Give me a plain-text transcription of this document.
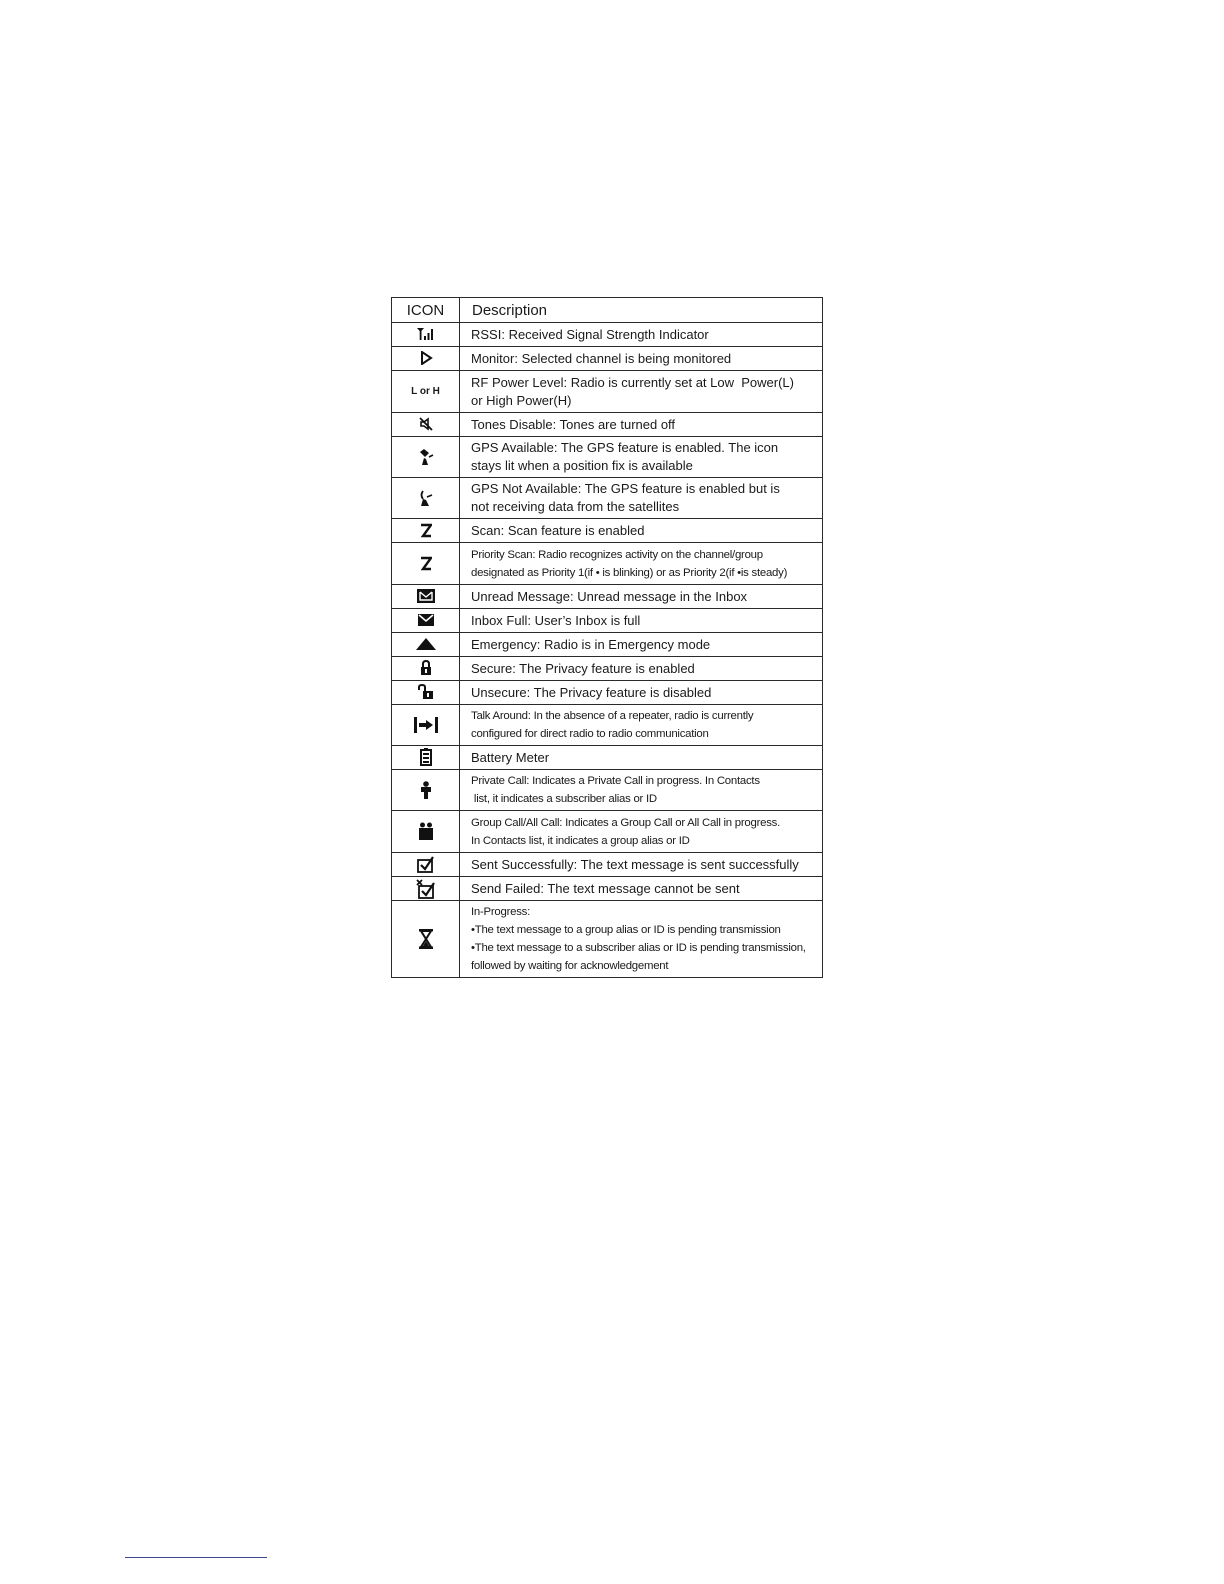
ICON	Description

RSSI: Received Signal Strength Indicator

Monitor: Selected channel is being monitored

L or H	RF Power Level: Radio is currently set at Low  Power(L)
or High Power(H)

Tones Disable: Tones are turned off

GPS Available: The GPS feature is enabled. The icon
stays lit when a position fix is available

GPS Not Available: The GPS feature is enabled but is
not receiving data from the satellites

Scan: Scan feature is enabled

Priority Scan: Radio recognizes activity on the channel/group
designated as Priority 1(if • is blinking) or as Priority 2(if •is steady)

Unread Message: Unread message in the Inbox

Inbox Full: User’s Inbox is full

Emergency: Radio is in Emergency mode

Secure: The Privacy feature is enabled

Unsecure: The Privacy feature is disabled

Talk Around: In the absence of a repeater, radio is currently
configured for direct radio to radio communication

Battery Meter

Private Call: Indicates a Private Call in progress. In Contacts
list, it indicates a subscriber alias or ID

Group Call/All Call: Indicates a Group Call or All Call in progress.
In Contacts list, it indicates a group alias or ID

Sent Successfully: The text message is sent successfully

Send Failed: The text message cannot be sent

In-Progress:
•The text message to a group alias or ID is pending transmission
•The text message to a subscriber alias or ID is pending transmission,
followed by waiting for acknowledgement
